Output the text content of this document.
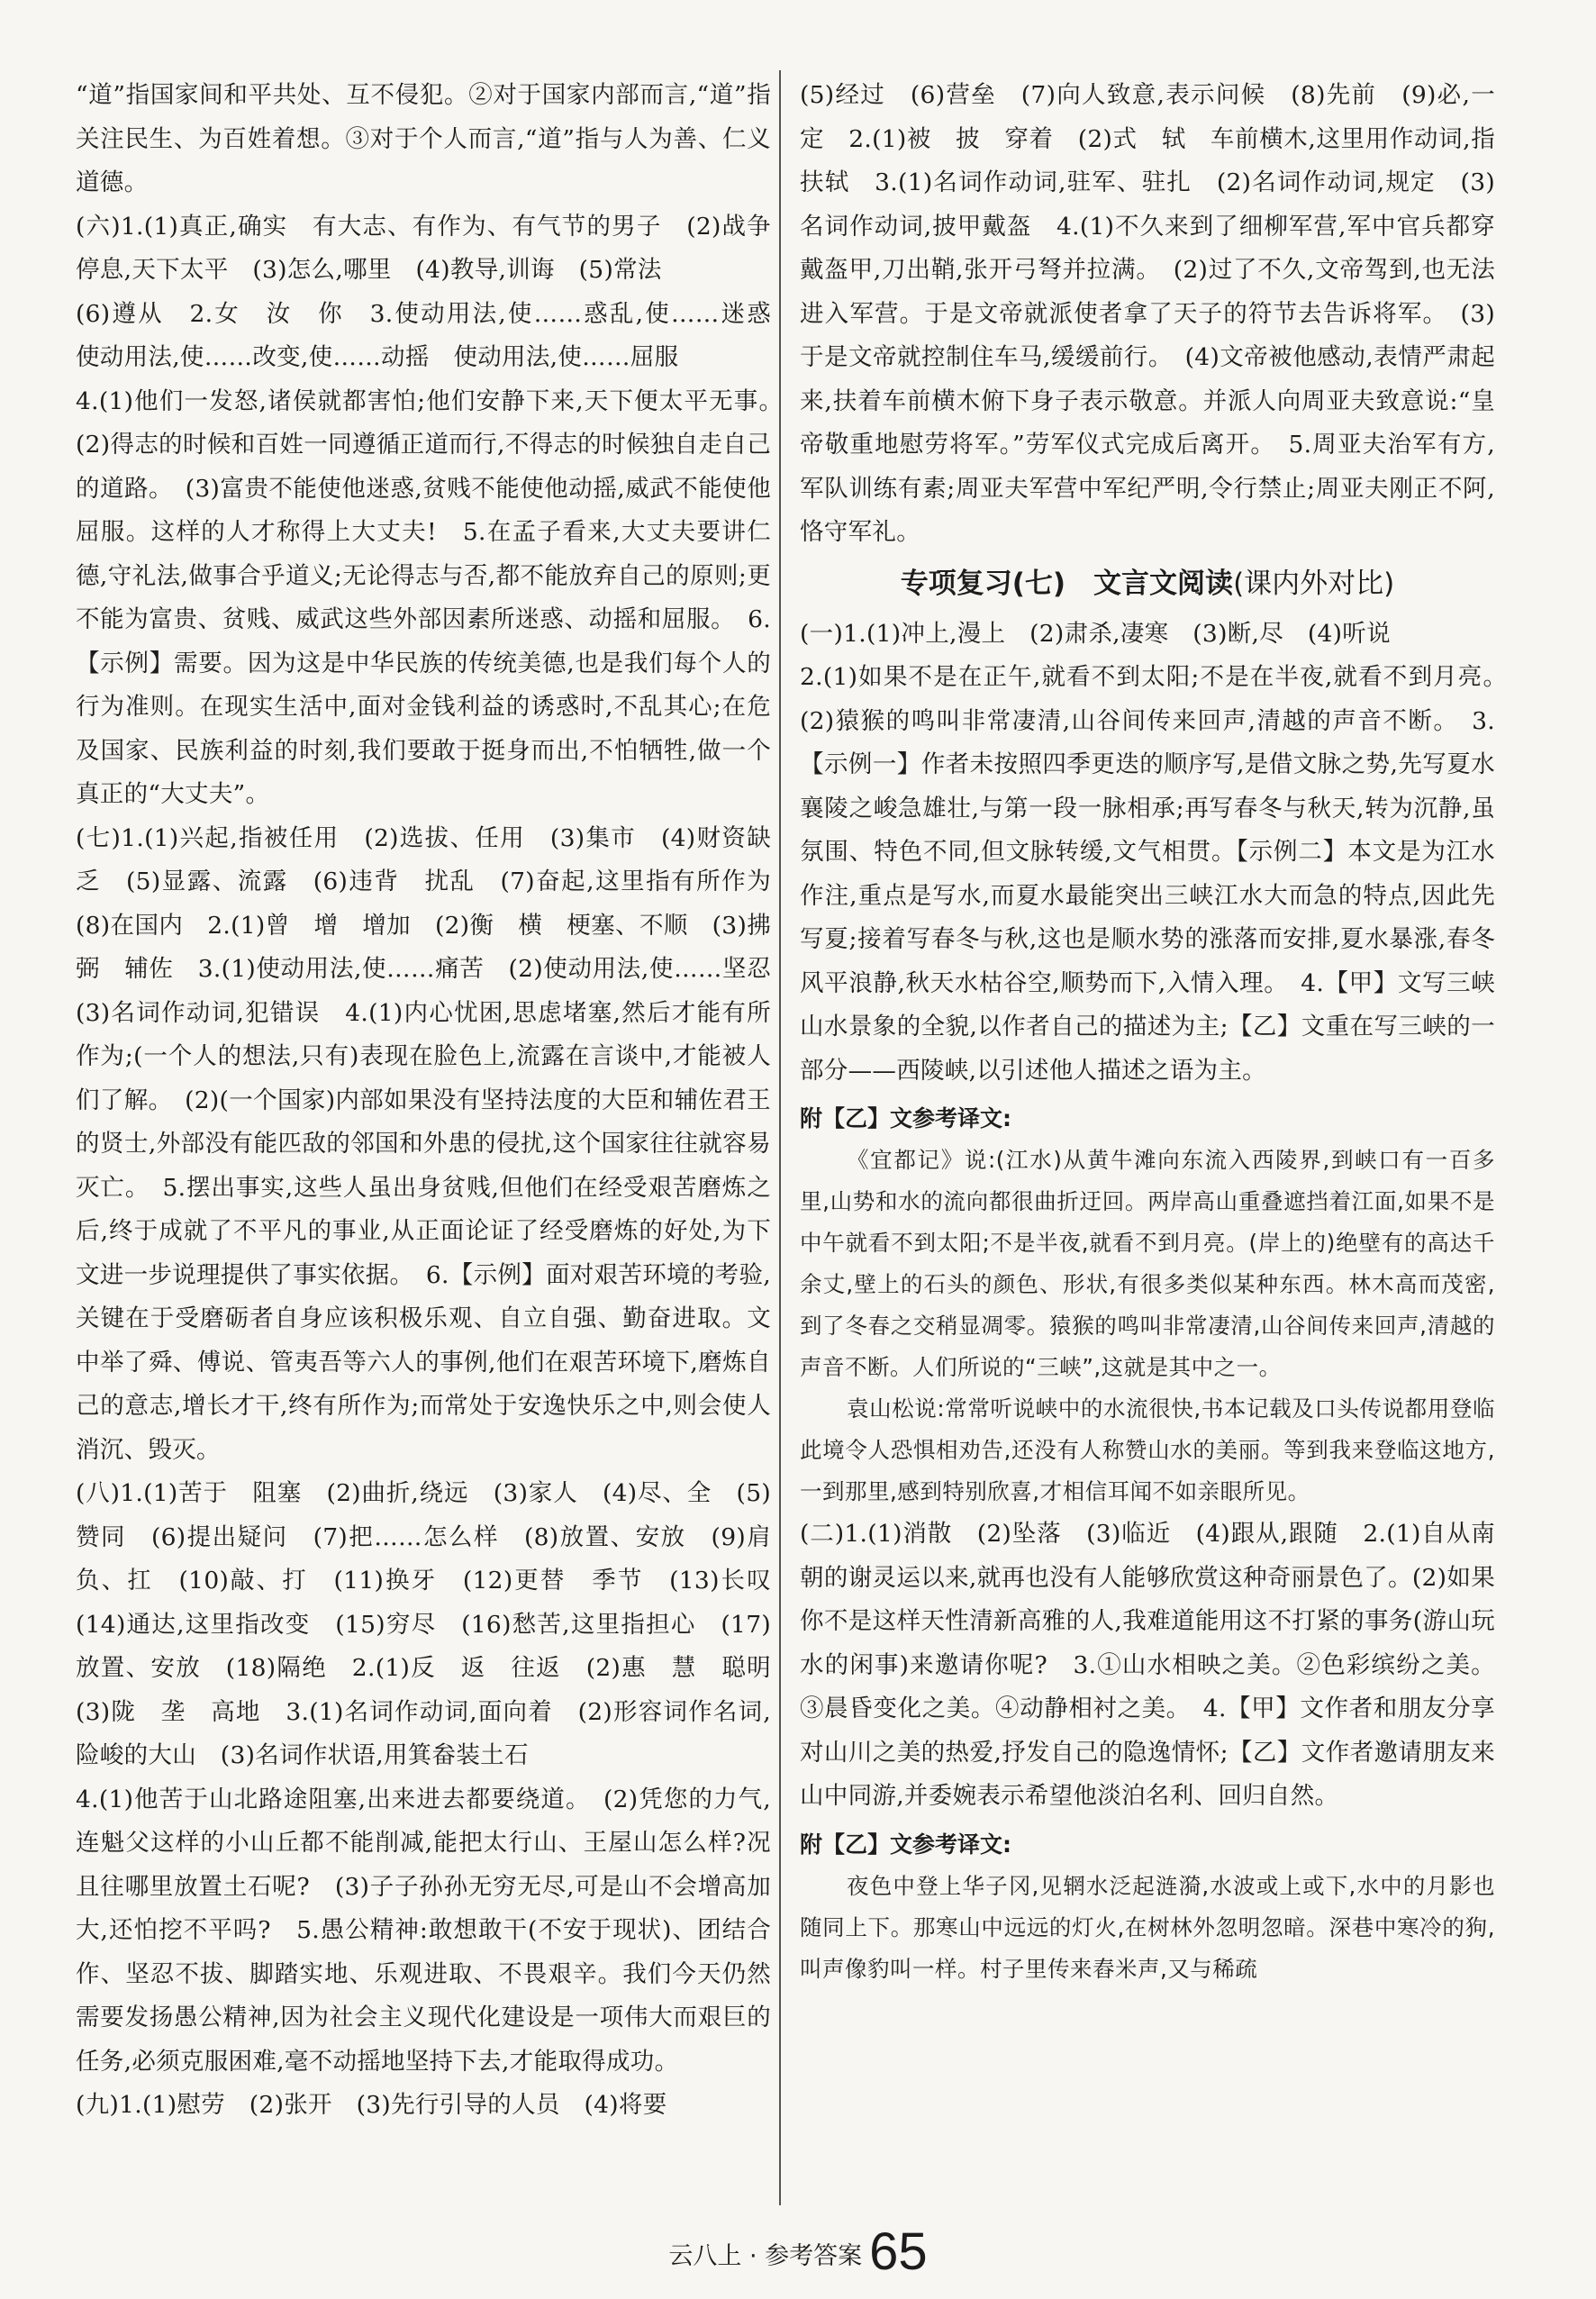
“道”指国家间和平共处、互不侵犯。②对于国家内部而言,“道”指关注民生、为百姓着想。③对于个人而言,“道”指与人为善、仁义道德。
(六)1.(1)真正,确实　有大志、有作为、有气节的男子　(2)战争停息,天下太平　(3)怎么,哪里　(4)教导,训诲　(5)常法
(6)遵从　2.女　汝　你　3.使动用法,使……惑乱,使……迷惑　使动用法,使……改变,使……动摇　使动用法,使……屈服
4.(1)他们一发怒,诸侯就都害怕;他们安静下来,天下便太平无事。　(2)得志的时候和百姓一同遵循正道而行,不得志的时候独自走自己的道路。　(3)富贵不能使他迷惑,贫贱不能使他动摇,威武不能使他屈服。这样的人才称得上大丈夫!　5.在孟子看来,大丈夫要讲仁德,守礼法,做事合乎道义;无论得志与否,都不能放弃自己的原则;更不能为富贵、贫贱、威武这些外部因素所迷惑、动摇和屈服。　6.【示例】需要。因为这是中华民族的传统美德,也是我们每个人的行为准则。在现实生活中,面对金钱利益的诱惑时,不乱其心;在危及国家、民族利益的时刻,我们要敢于挺身而出,不怕牺牲,做一个真正的“大丈夫”。
(七)1.(1)兴起,指被任用　(2)选拔、任用　(3)集市　(4)财资缺乏　(5)显露、流露　(6)违背　扰乱　(7)奋起,这里指有所作为　(8)在国内　2.(1)曾　增　增加　(2)衡　横　梗塞、不顺　(3)拂　弼　辅佐　3.(1)使动用法,使……痛苦　(2)使动用法,使……坚忍　(3)名词作动词,犯错误　4.(1)内心忧困,思虑堵塞,然后才能有所作为;(一个人的想法,只有)表现在脸色上,流露在言谈中,才能被人们了解。　(2)(一个国家)内部如果没有坚持法度的大臣和辅佐君王的贤士,外部没有能匹敌的邻国和外患的侵扰,这个国家往往就容易灭亡。　5.摆出事实,这些人虽出身贫贱,但他们在经受艰苦磨炼之后,终于成就了不平凡的事业,从正面论证了经受磨炼的好处,为下文进一步说理提供了事实依据。　6.【示例】面对艰苦环境的考验,关键在于受磨砺者自身应该积极乐观、自立自强、勤奋进取。文中举了舜、傅说、管夷吾等六人的事例,他们在艰苦环境下,磨炼自己的意志,增长才干,终有所作为;而常处于安逸快乐之中,则会使人消沉、毁灭。
(八)1.(1)苦于　阻塞　(2)曲折,绕远　(3)家人　(4)尽、全　(5)赞同　(6)提出疑问　(7)把……怎么样　(8)放置、安放　(9)肩负、扛　(10)敲、打　(11)换牙　(12)更替　季节　(13)长叹　(14)通达,这里指改变　(15)穷尽　(16)愁苦,这里指担心　(17)放置、安放　(18)隔绝　2.(1)反　返　往返　(2)惠　慧　聪明　(3)陇　垄　高地　3.(1)名词作动词,面向着　(2)形容词作名词,险峻的大山　(3)名词作状语,用箕畚装土石
4.(1)他苦于山北路途阻塞,出来进去都要绕道。　(2)凭您的力气,连魁父这样的小山丘都不能削减,能把太行山、王屋山怎么样?况且往哪里放置土石呢?　(3)子子孙孙无穷无尽,可是山不会增高加大,还怕挖不平吗?　5.愚公精神:敢想敢干(不安于现状)、团结合作、坚忍不拔、脚踏实地、乐观进取、不畏艰辛。我们今天仍然需要发扬愚公精神,因为社会主义现代化建设是一项伟大而艰巨的任务,必须克服困难,毫不动摇地坚持下去,才能取得成功。
(九)1.(1)慰劳　(2)张开　(3)先行引导的人员　(4)将要
(5)经过　(6)营垒　(7)向人致意,表示问候　(8)先前　(9)必,一定　2.(1)被　披　穿着　(2)式　轼　车前横木,这里用作动词,指扶轼　3.(1)名词作动词,驻军、驻扎　(2)名词作动词,规定　(3)名词作动词,披甲戴盔　4.(1)不久来到了细柳军营,军中官兵都穿戴盔甲,刀出鞘,张开弓弩并拉满。　(2)过了不久,文帝驾到,也无法进入军营。于是文帝就派使者拿了天子的符节去告诉将军。　(3)于是文帝就控制住车马,缓缓前行。　(4)文帝被他感动,表情严肃起来,扶着车前横木俯下身子表示敬意。并派人向周亚夫致意说:“皇帝敬重地慰劳将军。”劳军仪式完成后离开。　5.周亚夫治军有方,军队训练有素;周亚夫军营中军纪严明,令行禁止;周亚夫刚正不阿,恪守军礼。
专项复习(七)　文言文阅读(课内外对比)
(一)1.(1)冲上,漫上　(2)肃杀,凄寒　(3)断,尽　(4)听说
2.(1)如果不是在正午,就看不到太阳;不是在半夜,就看不到月亮。　(2)猿猴的鸣叫非常凄清,山谷间传来回声,清越的声音不断。　3.【示例一】作者未按照四季更迭的顺序写,是借文脉之势,先写夏水襄陵之峻急雄壮,与第一段一脉相承;再写春冬与秋天,转为沉静,虽氛围、特色不同,但文脉转缓,文气相贯。【示例二】本文是为江水作注,重点是写水,而夏水最能突出三峡江水大而急的特点,因此先写夏;接着写春冬与秋,这也是顺水势的涨落而安排,夏水暴涨,春冬风平浪静,秋天水枯谷空,顺势而下,入情入理。　4.【甲】文写三峡山水景象的全貌,以作者自己的描述为主;【乙】文重在写三峡的一部分——西陵峡,以引述他人描述之语为主。
附【乙】文参考译文:
《宜都记》说:(江水)从黄牛滩向东流入西陵界,到峡口有一百多里,山势和水的流向都很曲折迂回。两岸高山重叠遮挡着江面,如果不是中午就看不到太阳;不是半夜,就看不到月亮。(岸上的)绝壁有的高达千余丈,壁上的石头的颜色、形状,有很多类似某种东西。林木高而茂密,到了冬春之交稍显凋零。猿猴的鸣叫非常凄清,山谷间传来回声,清越的声音不断。人们所说的“三峡”,这就是其中之一。
袁山松说:常常听说峡中的水流很快,书本记载及口头传说都用登临此境令人恐惧相劝告,还没有人称赞山水的美丽。等到我来登临这地方,一到那里,感到特别欣喜,才相信耳闻不如亲眼所见。
(二)1.(1)消散　(2)坠落　(3)临近　(4)跟从,跟随　2.(1)自从南朝的谢灵运以来,就再也没有人能够欣赏这种奇丽景色了。(2)如果你不是这样天性清新高雅的人,我难道能用这不打紧的事务(游山玩水的闲事)来邀请你呢?　3.①山水相映之美。②色彩缤纷之美。③晨昏变化之美。④动静相衬之美。　4.【甲】文作者和朋友分享对山川之美的热爱,抒发自己的隐逸情怀;【乙】文作者邀请朋友来山中同游,并委婉表示希望他淡泊名利、回归自然。
附【乙】文参考译文:
夜色中登上华子冈,见辋水泛起涟漪,水波或上或下,水中的月影也随同上下。那寒山中远远的灯火,在树林外忽明忽暗。深巷中寒冷的狗,叫声像豹叫一样。村子里传来舂米声,又与稀疏
云八上 · 参考答案 65
